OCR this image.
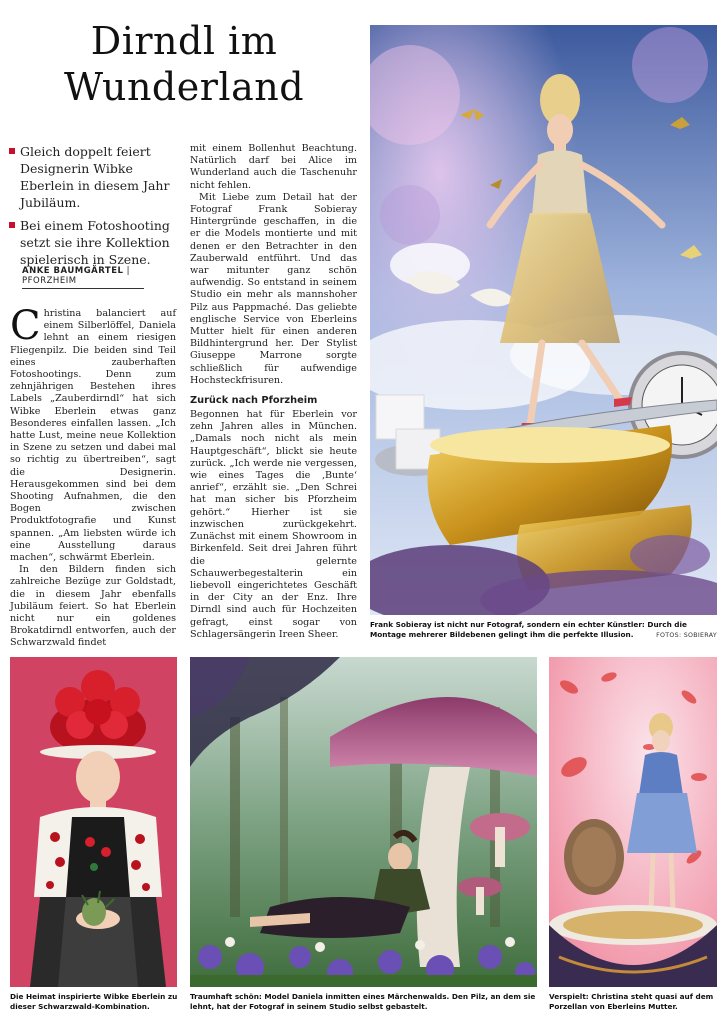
Dirndl im
Wunderland
Gleich doppelt feiert Designerin Wibke Eberlein in diesem Jahr Jubiläum.
Bei einem Fotoshooting setzt sie ihre Kollektion spielerisch in Szene.
ANKE BAUMGÄRTEL | PFORZHEIM

Christina balanciert auf einem Silberlöffel, Daniela lehnt an einem riesigen Fliegenpilz. Die beiden sind Teil eines zauberhaften Fotoshootings. Denn zum zehnjährigen Bestehen ihres Labels „Zauberdirndl“ hat sich Wibke Eberlein etwas ganz Besonderes einfallen lassen. „Ich hatte Lust, meine neue Kollektion in Szene zu setzen und dabei mal so richtig zu übertreiben“, sagt die Designerin. Herausgekommen sind bei dem Shooting Aufnahmen, die den Bogen zwischen Produktfotografie und Kunst spannen. „Am liebsten würde ich eine Ausstellung daraus machen“, schwärmt Eberlein.

In den Bildern finden sich zahlreiche Bezüge zur Goldstadt, die in diesem Jahr ebenfalls Jubiläum feiert. So hat Eberlein nicht nur ein goldenes Brokatdirndl entworfen, auch der Schwarzwald findet

mit einem Bollenhut Beachtung. Natürlich darf bei Alice im Wunderland auch die Taschenuhr nicht fehlen.

Mit Liebe zum Detail hat der Fotograf Frank Sobieray Hintergründe geschaffen, in die er die Models montierte und mit denen er den Betrachter in den Zauberwald entführt. Und das war mitunter ganz schön aufwendig. So entstand in seinem Studio ein mehr als mannshoher Pilz aus Pappmaché. Das geliebte englische Service von Eberleins Mutter hielt für einen anderen Bildhintergrund her. Der Stylist Giuseppe Marrone sorgte schließlich für aufwendige Hochsteckfrisuren.

Zurück nach Pforzheim

Begonnen hat für Eberlein vor zehn Jahren alles in München. „Damals noch nicht als mein Hauptgeschäft“, blickt sie heute zurück. „Ich werde nie vergessen, wie eines Tages die ‚Bunte‘ anrief“, erzählt sie. „Den Schrei hat man sicher bis Pforzheim gehört.“ Hierher ist sie inzwischen zurückgekehrt. Zunächst mit einem Showroom in Birkenfeld. Seit drei Jahren führt die gelernte Schauwerbegestalterin ein liebevoll eingerichtetes Geschäft in der City an der Enz. Ihre Dirndl sind auch für Hochzeiten gefragt, einst sogar von Schlagersängerin Ireen Sheer.

Frank Sobieray ist nicht nur Fotograf, sondern ein echter Künstler: Durch die Montage mehrerer Bildebenen gelingt ihm die perfekte Illusion.	FOTOS: SOBIERAY
Die Heimat inspirierte Wibke Eberlein zu dieser Schwarzwald-Kombination.
Traumhaft schön: Model Daniela inmitten eines Märchenwalds. Den Pilz, an dem sie lehnt, hat der Fotograf in seinem Studio selbst gebastelt.
Verspielt: Christina steht quasi auf dem Porzellan von Eberleins Mutter.
